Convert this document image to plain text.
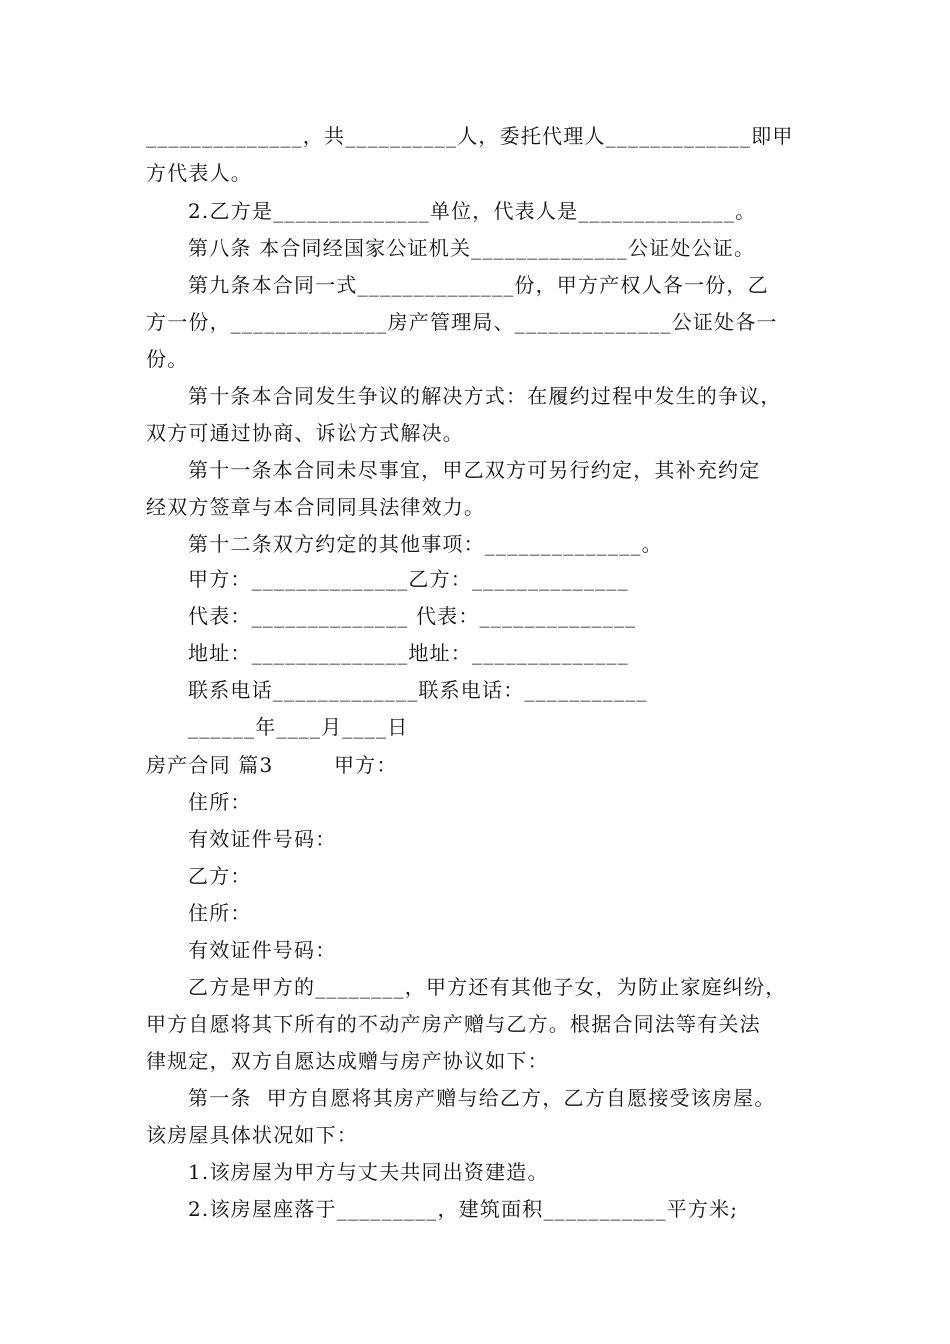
______________，共__________人，委托代理人_____________即甲
方代表人。
2.乙方是______________单位，代表人是______________。
第八条 本合同经国家公证机关______________公证处公证。
第九条本合同一式______________份，甲方产权人各一份，乙
方一份，______________房产管理局、______________公证处各一
份。
第十条本合同发生争议的解决方式：在履约过程中发生的争议，
双方可通过协商、诉讼方式解决。
第十一条本合同未尽事宜，甲乙双方可另行约定，其补充约定
经双方签章与本合同同具法律效力。
第十二条双方约定的其他事项：______________。
甲方：______________乙方：______________
代表：______________ 代表：______________
地址：______________地址：______________
联系电话_____________联系电话：___________
______年____月____日
房产合同 篇3        甲方：
住所：
有效证件号码：
乙方：
住所：
有效证件号码：
乙方是甲方的________，甲方还有其他子女，为防止家庭纠纷，
甲方自愿将其下所有的不动产房产赠与乙方。根据合同法等有关法
律规定，双方自愿达成赠与房产协议如下：
第一条  甲方自愿将其房产赠与给乙方，乙方自愿接受该房屋。
该房屋具体状况如下：
1.该房屋为甲方与丈夫共同出资建造。
2.该房屋座落于_________，建筑面积___________平方米;
